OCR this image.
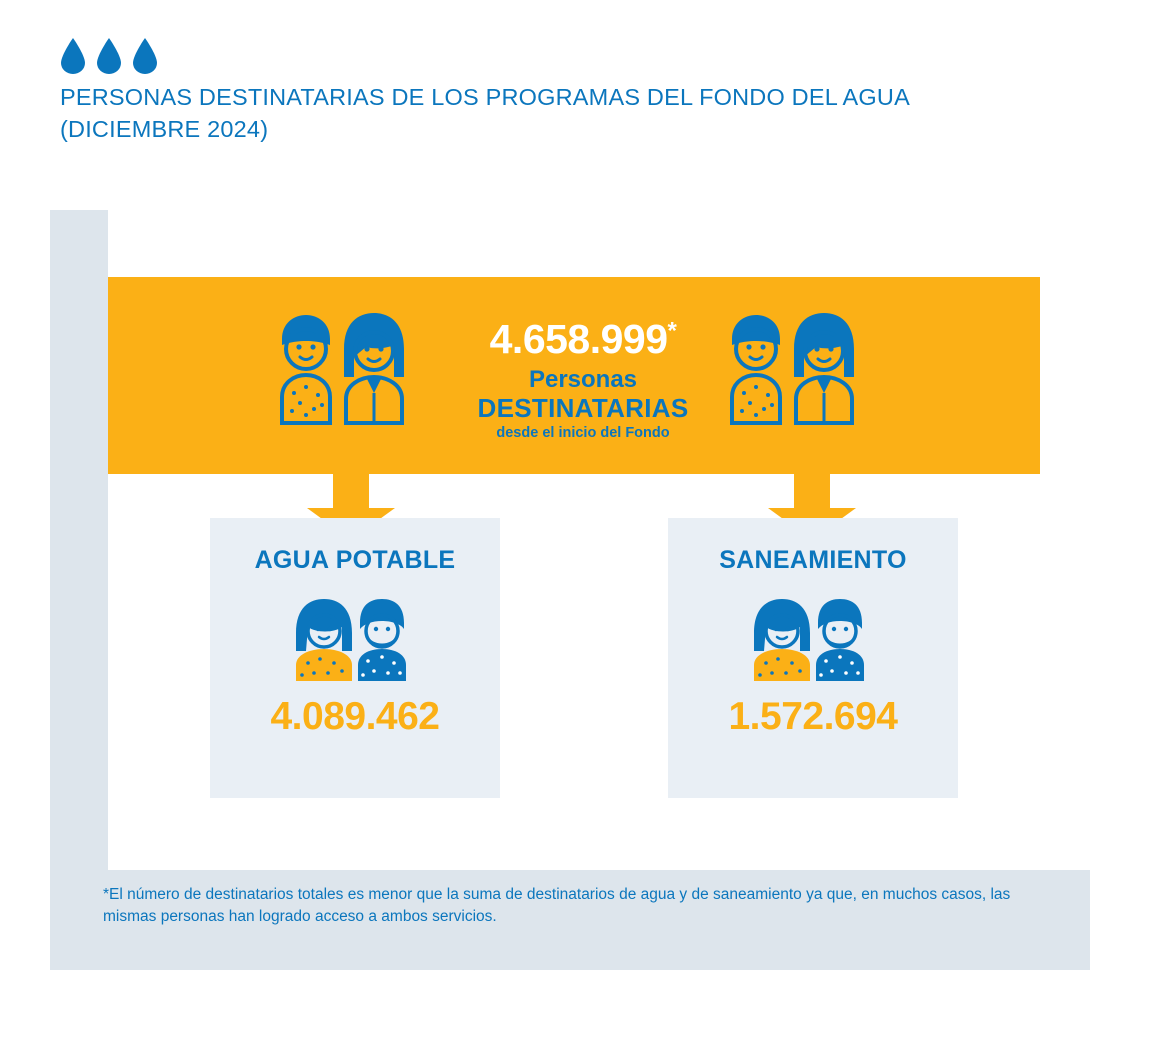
PERSONAS DESTINATARIAS DE LOS PROGRAMAS DEL FONDO DEL AGUA
(DICIEMBRE 2024)
4.658.999*
Personas
DESTINATARIAS
desde el inicio del Fondo
AGUA POTABLE
4.089.462
SANEAMIENTO
1.572.694
*El número de destinatarios totales es menor que la suma de destinatarios de agua y de saneamiento ya que, en muchos casos, las mismas personas han logrado acceso a ambos servicios.
